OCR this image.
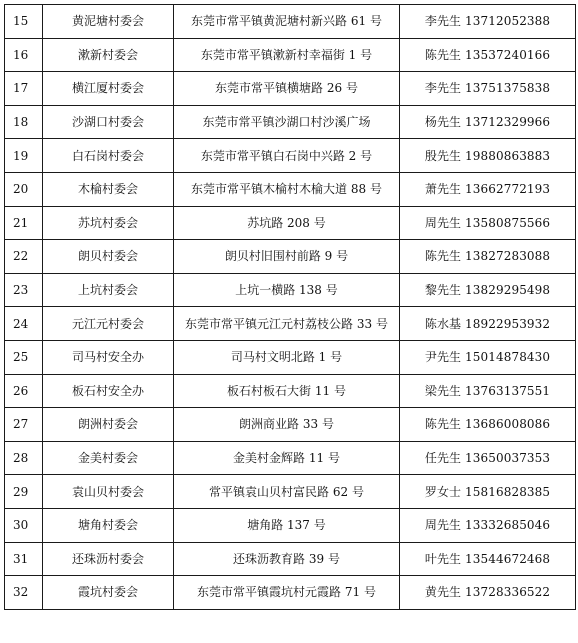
15	黄泥塘村委会	东莞市常平镇黄泥塘村新兴路 61 号	李先生 13712052388
16	漱新村委会	东莞市常平镇漱新村幸福街 1 号	陈先生 13537240166
17	横江厦村委会	东莞市常平镇横塘路 26 号	李先生 13751375838
18	沙湖口村委会	东莞市常平镇沙湖口村沙溪广场	杨先生 13712329966
19	白石岗村委会	东莞市常平镇白石岗中兴路 2 号	殷先生 19880863883
20	木棆村委会	东莞市常平镇木棆村木棆大道 88 号	萧先生 13662772193
21	苏坑村委会	苏坑路 208 号	周先生 13580875566
22	朗贝村委会	朗贝村旧围村前路 9 号	陈先生 13827283088
23	上坑村委会	上坑一横路 138 号	黎先生 13829295498
24	元江元村委会	东莞市常平镇元江元村荔枝公路 33 号	陈水基 18922953932
25	司马村安全办	司马村文明北路 1 号	尹先生 15014878430
26	板石村安全办	板石村板石大街 11 号	梁先生 13763137551
27	朗洲村委会	朗洲商业路 33 号	陈先生 13686008086
28	金美村委会	金美村金辉路 11 号	任先生 13650037353
29	袁山贝村委会	常平镇袁山贝村富民路 62 号	罗女士 15816828385
30	塘角村委会	塘角路 137 号	周先生 13332685046
31	还珠沥村委会	还珠沥教育路 39 号	叶先生 13544672468
32	霞坑村委会	东莞市常平镇霞坑村元霞路 71 号	黄先生 13728336522
